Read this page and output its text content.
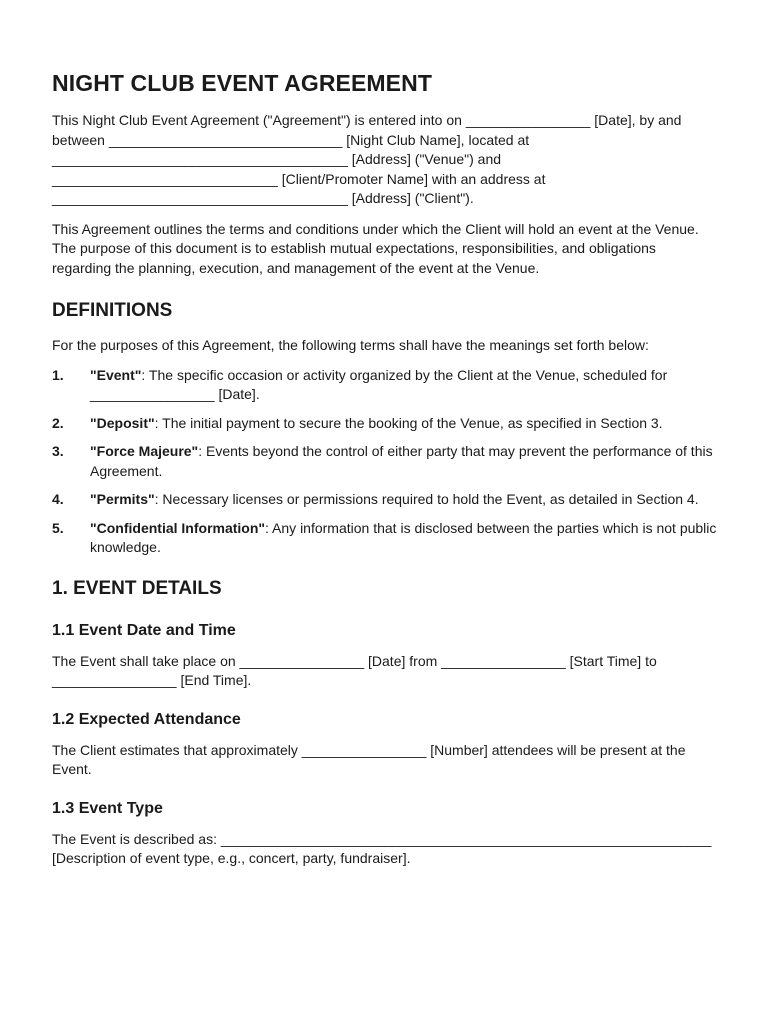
NIGHT CLUB EVENT AGREEMENT

This Night Club Event Agreement ("Agreement") is entered into on ________________ [Date], by and between ______________________________ [Night Club Name], located at ______________________________________ [Address] ("Venue") and _____________________________ [Client/Promoter Name] with an address at ______________________________________ [Address] ("Client").

This Agreement outlines the terms and conditions under which the Client will hold an event at the Venue. The purpose of this document is to establish mutual expectations, responsibilities, and obligations regarding the planning, execution, and management of the event at the Venue.

DEFINITIONS

For the purposes of this Agreement, the following terms shall have the meanings set forth below:

1.	"Event": The specific occasion or activity organized by the Client at the Venue, scheduled for ________________ [Date].
2.	"Deposit": The initial payment to secure the booking of the Venue, as specified in Section 3.
3.	"Force Majeure": Events beyond the control of either party that may prevent the performance of this Agreement.
4.	"Permits": Necessary licenses or permissions required to hold the Event, as detailed in Section 4.
5.	"Confidential Information": Any information that is disclosed between the parties which is not public knowledge.
1. EVENT DETAILS
1.1 Event Date and Time

The Event shall take place on ________________ [Date] from ________________ [Start Time] to ________________ [End Time].

1.2 Expected Attendance

The Client estimates that approximately ________________ [Number] attendees will be present at the Event.

1.3 Event Type

The Event is described as: _______________________________________________________________ [Description of event type, e.g., concert, party, fundraiser].
